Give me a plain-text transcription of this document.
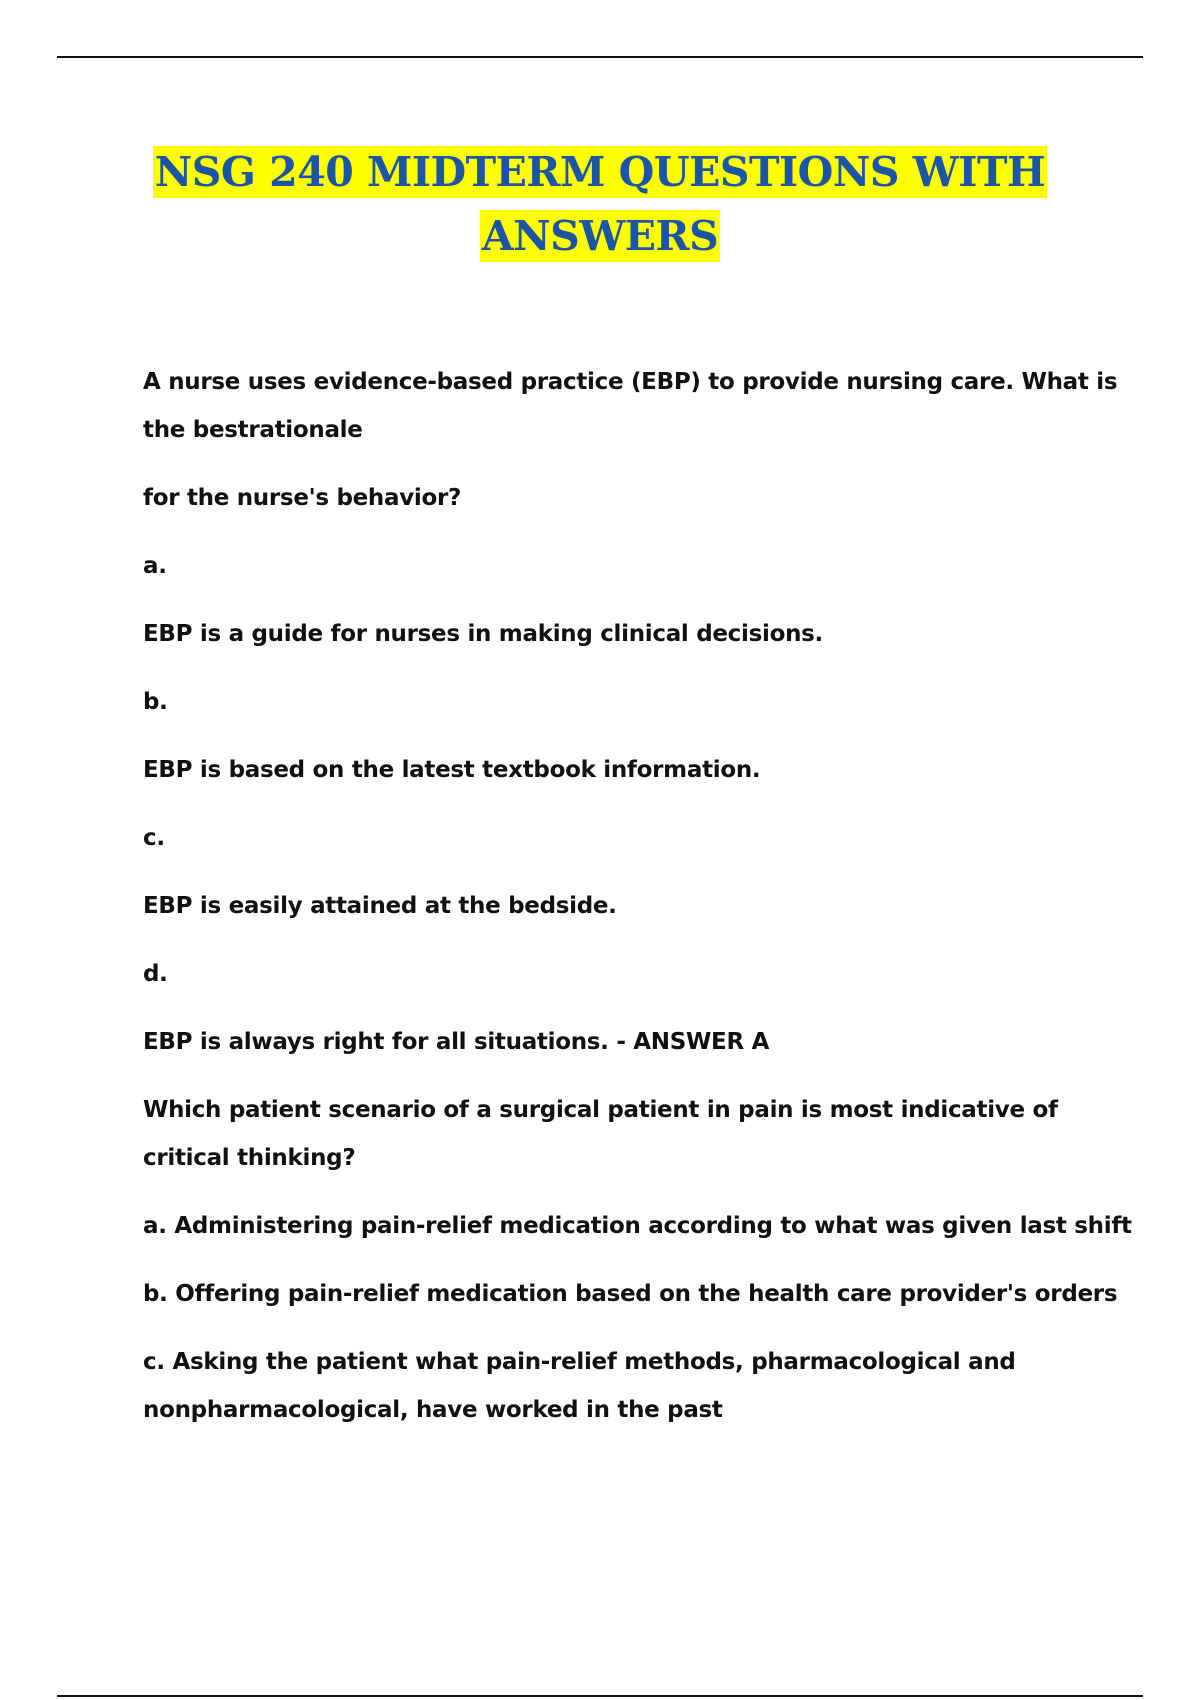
NSG 240 MIDTERM QUESTIONS WITH
ANSWERS

A nurse uses evidence-based practice (EBP) to provide nursing care. What is the bestrationale

for the nurse's behavior?

a.

EBP is a guide for nurses in making clinical decisions.

b.

EBP is based on the latest textbook information.

c.

EBP is easily attained at the bedside.

d.

EBP is always right for all situations. - ANSWER A

Which patient scenario of a surgical patient in pain is most indicative of critical thinking?

a. Administering pain-relief medication according to what was given last shift

b. Offering pain-relief medication based on the health care provider's orders

c. Asking the patient what pain-relief methods, pharmacological and nonpharmacological, have worked in the past
